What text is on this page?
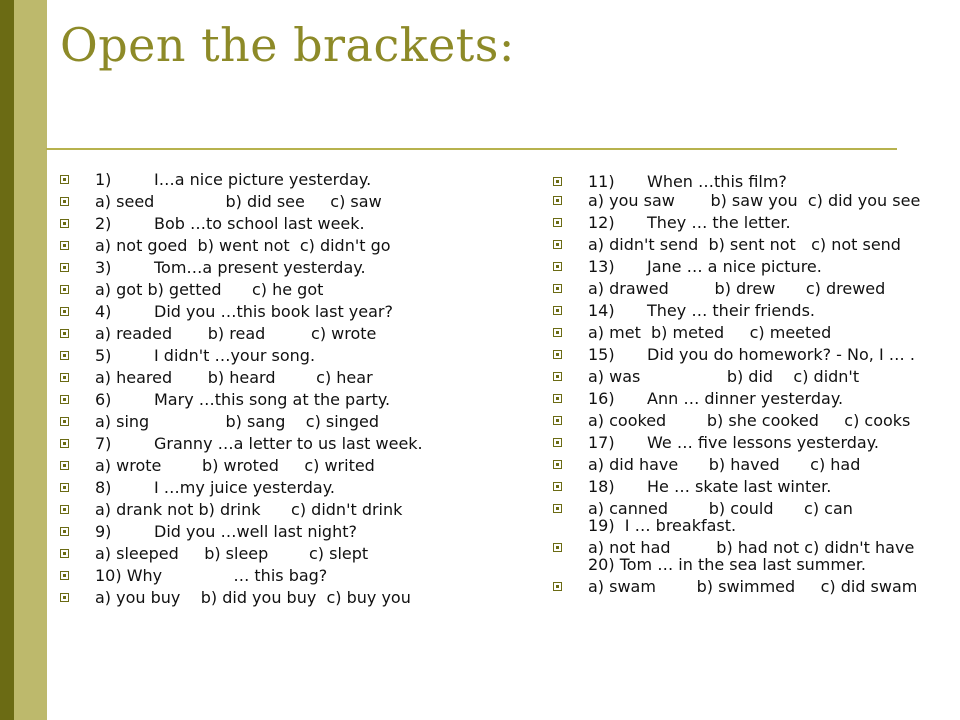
Open the brackets:
1)	I…a nice picture yesterday.
a) seed              b) did see     c) saw
2)	Bob …to school last week.
a) not goed  b) went not  c) didn't go
3)	Tom…a present yesterday.
a) got b) getted      c) he got
4)	Did you …this book last year?
a) readed       b) read         c) wrote
5)	I didn't …your song.
a) heared       b) heard        c) hear
6)	Mary …this song at the party.
a) sing               b) sang    c) singed
7)	Granny …a letter to us last week.
a) wrote        b) wroted     c) writed
8)	I …my juice yesterday.
a) drank not b) drink      c) didn't drink
9)	Did you …well last night?
a) sleeped     b) sleep        c) slept
10) Why              … this bag?
a) you buy    b) did you buy  c) buy you
11) When …this film?
a) you saw       b) saw you  c) did you see
12) They … the letter.
a) didn't send  b) sent not   c) not send
13) Jane … a nice picture.
a) drawed         b) drew      c) drewed
14) They … their friends.
a) met  b) meted     c) meeted
15) Did you do homework? - No, I … .
a) was                 b) did    c) didn't
16) Ann … dinner yesterday.
a) cooked        b) she cooked     c) cooks
17) We … five lessons yesterday.
a) did have      b) haved      c) had
18) He … skate last winter.
a) canned        b) could      c) can
19)  I … breakfast.
a) not had         b) had not c) didn't have
20) Tom … in the sea last summer.
a) swam        b) swimmed     c) did swam
